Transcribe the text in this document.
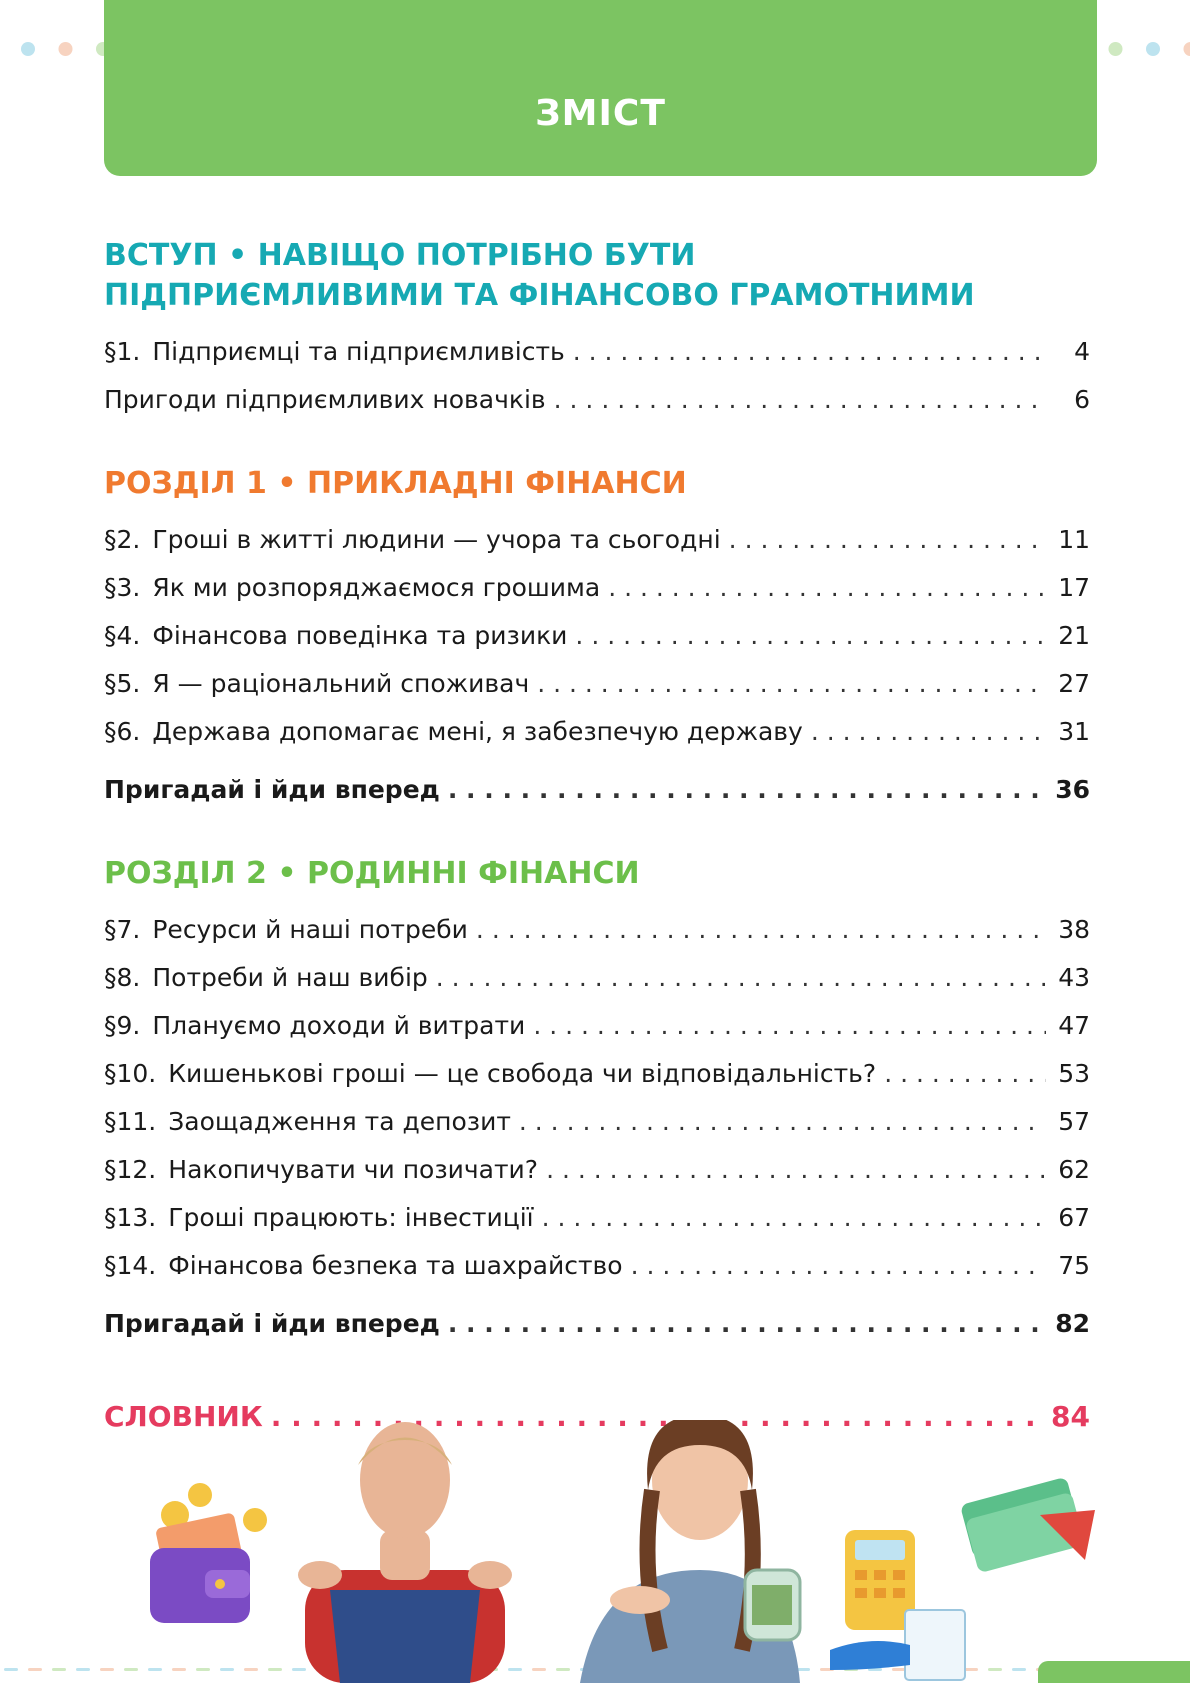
ЗМІСТ
ВСТУП • НАВІЩО ПОТРІБНО БУТИ
ПІДПРИЄМЛИВИМИ ТА ФІНАНСОВО ГРАМОТНИМИ
§1. Підприємці та підприємливість . . .	4
Пригоди підприємливих новачків . . .	6
РОЗДІЛ 1 • ПРИКЛАДНІ ФІНАНСИ
§2. Гроші в житті людини — учора та сьогодні . . .	11
§3. Як ми розпоряджаємося грошима . . .	17
§4. Фінансова поведінка та ризики . . .	21
§5. Я — раціональний споживач . . .	27
§6. Держава допомагає мені, я забезпечую державу . . .	31
Пригадай і йди вперед . . .	36
РОЗДІЛ 2 • РОДИННІ ФІНАНСИ
§7. Ресурси й наші потреби . . .	38
§8. Потреби й наш вибір . . .	43
§9. Плануємо доходи й витрати . . .	47
§10. Кишенькові гроші — це свобода чи відповідальність? . . .	53
§11. Заощадження та депозит . . .	57
§12. Накопичувати чи позичати? . . .	62
§13. Гроші працюють: інвестиції . . .	67
§14. Фінансова безпека та шахрайство . . .	75
Пригадай і йди вперед . . .	82
СЛОВНИК . . .	84
